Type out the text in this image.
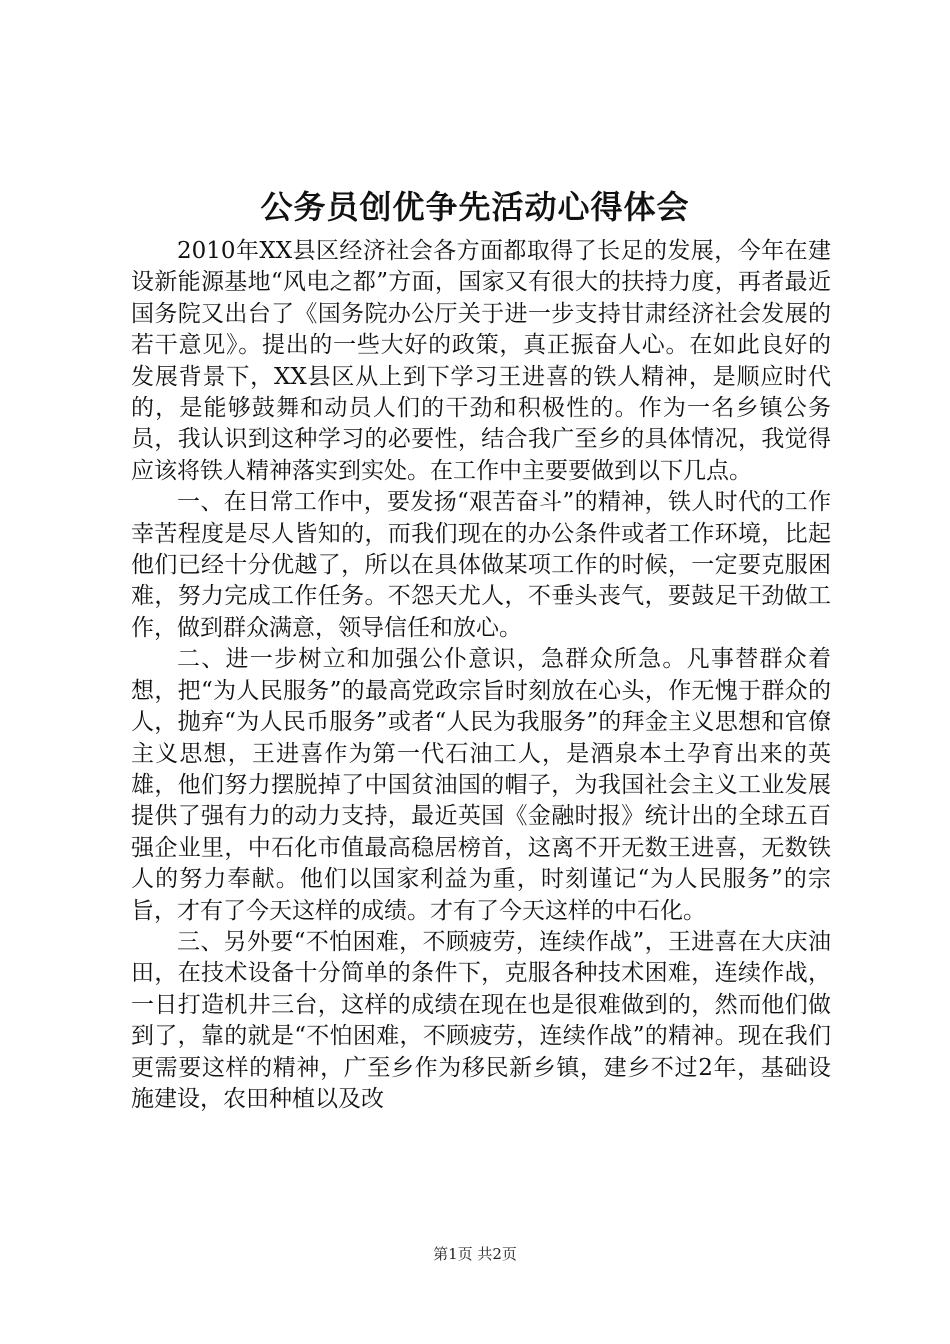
公务员创优争先活动心得体会

2010年XX县区经济社会各方面都取得了长足的发展，今年在建设新能源基地“风电之都”方面，国家又有很大的扶持力度，再者最近国务院又出台了《国务院办公厅关于进一步支持甘肃经济社会发展的若干意见》。提出的一些大好的政策，真正振奋人心。在如此良好的发展背景下，XX县区从上到下学习王进喜的铁人精神，是顺应时代的，是能够鼓舞和动员人们的干劲和积极性的。作为一名乡镇公务员，我认识到这种学习的必要性，结合我广至乡的具体情况，我觉得应该将铁人精神落实到实处。在工作中主要要做到以下几点。

一、在日常工作中，要发扬“艰苦奋斗”的精神，铁人时代的工作幸苦程度是尽人皆知的，而我们现在的办公条件或者工作环境，比起他们已经十分优越了，所以在具体做某项工作的时候，一定要克服困难，努力完成工作任务。不怨天尤人，不垂头丧气，要鼓足干劲做工作，做到群众满意，领导信任和放心。

二、进一步树立和加强公仆意识，急群众所急。凡事替群众着想，把“为人民服务”的最高党政宗旨时刻放在心头，作无愧于群众的人，抛弃“为人民币服务”或者“人民为我服务”的拜金主义思想和官僚主义思想，王进喜作为第一代石油工人，是酒泉本土孕育出来的英雄，他们努力摆脱掉了中国贫油国的帽子，为我国社会主义工业发展提供了强有力的动力支持，最近英国《金融时报》统计出的全球五百强企业里，中石化市值最高稳居榜首，这离不开无数王进喜，无数铁人的努力奉献。他们以国家利益为重，时刻谨记“为人民服务”的宗旨，才有了今天这样的成绩。才有了今天这样的中石化。

三、另外要“不怕困难，不顾疲劳，连续作战”，王进喜在大庆油田，在技术设备十分简单的条件下，克服各种技术困难，连续作战，一日打造机井三台，这样的成绩在现在也是很难做到的，然而他们做到了，靠的就是“不怕困难，不顾疲劳，连续作战”的精神。现在我们更需要这样的精神，广至乡作为移民新乡镇，建乡不过2年，基础设施建设，农田种植以及改

第1页 共2页
